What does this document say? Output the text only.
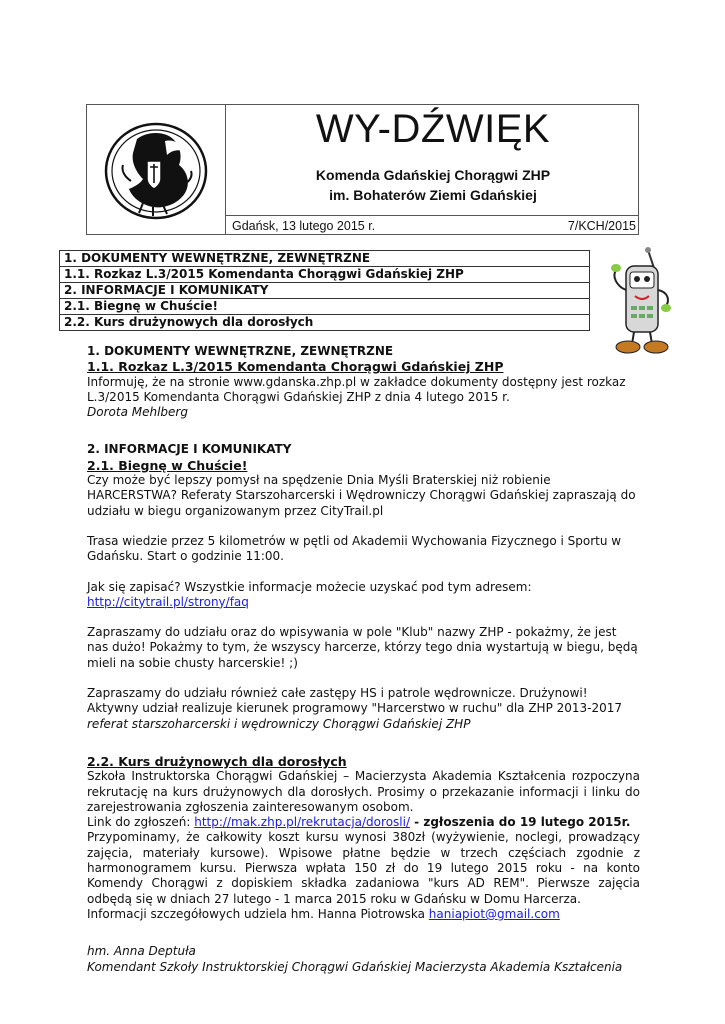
WY-DŹWIĘK
Komenda Gdańskiej Chorągwi ZHP
im. Bohaterów Ziemi Gdańskiej
Gdańsk, 13 lutego 2015 r.	7/KCH/2015
1. DOKUMENTY WEWNĘTRZNE, ZEWNĘTRZNE
1.1. Rozkaz L.3/2015 Komendanta Chorągwi Gdańskiej ZHP
2. INFORMACJE I KOMUNIKATY
2.1. Biegnę w Chuście!
2.2. Kurs drużynowych dla dorosłych

1. DOKUMENTY WEWNĘTRZNE, ZEWNĘTRZNE

1.1. Rozkaz L.3/2015 Komendanta Chorągwi Gdańskiej ZHP

Informuję, że na stronie www.gdanska.zhp.pl w zakładce dokumenty dostępny jest rozkaz L.3/2015 Komendanta Chorągwi Gdańskiej ZHP z dnia 4 lutego 2015 r.

Dorota Mehlberg

2. INFORMACJE I KOMUNIKATY

2.1. Biegnę w Chuście!

Czy może być lepszy pomysł na spędzenie Dnia Myśli Braterskiej niż robienie HARCERSTWA? Referaty Starszoharcerski i Wędrowniczy Chorągwi Gdańskiej zapraszają do udziału w biegu organizowanym przez CityTrail.pl

Trasa wiedzie przez 5 kilometrów w pętli od Akademii Wychowania Fizycznego i Sportu w Gdańsku. Start o godzinie 11:00.

Jak się zapisać? Wszystkie informacje możecie uzyskać pod tym adresem:

http://citytrail.pl/strony/faq

Zapraszamy do udziału oraz do wpisywania w pole "Klub" nazwy ZHP - pokażmy, że jest nas dużo! Pokażmy to tym, że wszyscy harcerze, którzy tego dnia wystartują w biegu, będą mieli na sobie chusty harcerskie! ;)

Zapraszamy do udziału również całe zastępy HS i patrole wędrownicze. Drużynowi! Aktywny udział realizuje kierunek programowy "Harcerstwo w ruchu" dla ZHP 2013-2017

referat starszoharcerski i wędrowniczy Chorągwi Gdańskiej ZHP

2.2. Kurs drużynowych dla dorosłych

Szkoła Instruktorska Chorągwi Gdańskiej – Macierzysta Akademia Kształcenia rozpoczyna rekrutację na kurs drużynowych dla dorosłych. Prosimy o przekazanie informacji i linku do zarejestrowania zgłoszenia zainteresowanym osobom.

Link do zgłoszeń: http://mak.zhp.pl/rekrutacja/dorosli/ - zgłoszenia do 19 lutego 2015r.

Przypominamy, że całkowity koszt kursu wynosi 380zł (wyżywienie, noclegi, prowadzący zajęcia, materiały kursowe). Wpisowe płatne będzie w trzech częściach zgodnie z harmonogramem kursu. Pierwsza wpłata 150 zł do 19 lutego 2015 roku - na konto Komendy Chorągwi z dopiskiem składka zadaniowa "kurs AD REM". Pierwsze zajęcia odbędą się w dniach 27 lutego - 1 marca 2015 roku w Gdańsku w Domu Harcerza.

Informacji szczegółowych udziela hm. Hanna Piotrowska haniapiot@gmail.com

hm. Anna Deptuła

Komendant Szkoły Instruktorskiej Chorągwi Gdańskiej Macierzysta Akademia Kształcenia
